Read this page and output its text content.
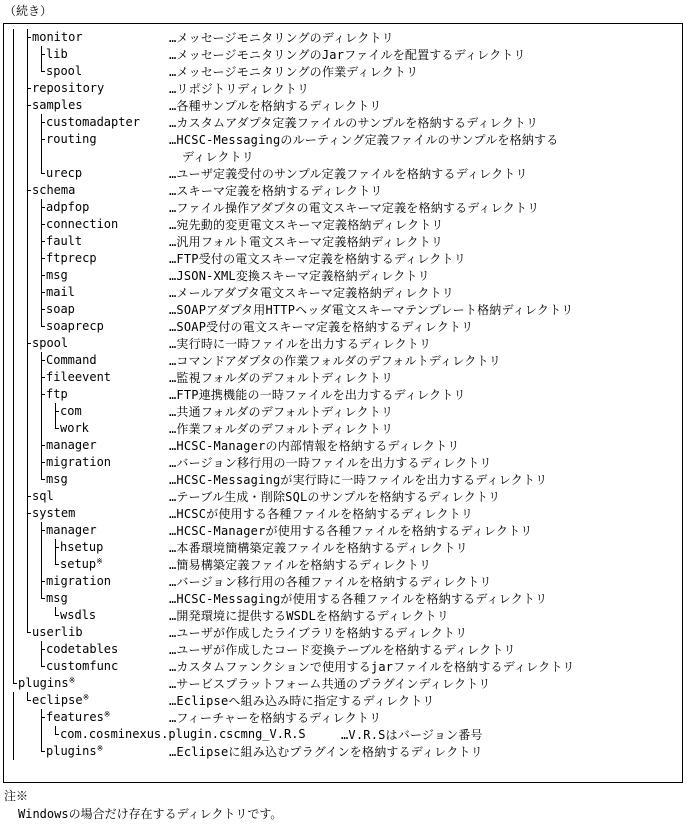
（続き）
monitor	…メッセージモニタリングのディレクトリ
lib	…メッセージモニタリングのJarファイルを配置するディレクトリ
spool	…メッセージモニタリングの作業ディレクトリ
repository	…リポジトリディレクトリ
samples	…各種サンプルを格納するディレクトリ
customadapter …カスタムアダプタ定義ファイルのサンプルを格納するディレクトリ
routing	…HCSC-Messagingのルーティング定義ファイルのサンプルを格納する
ディレクトリ
urecp	…ユーザ定義受付のサンプル定義ファイルを格納するディレクトリ
schema	…スキーマ定義を格納するディレクトリ
adpfop	…ファイル操作アダプタの電文スキーマ定義を格納するディレクトリ
connection	…宛先動的変更電文スキーマ定義格納ディレクトリ
fault	…汎用フォルト電文スキーマ定義格納ディレクトリ
ftprecp	…FTP受付の電文スキーマ定義を格納するディレクトリ
msg	…JSON-XML変換スキーマ定義格納ディレクトリ
mail	…メールアダプタ電文スキーマ定義格納ディレクトリ
soap	…SOAPアダプタ用HTTPヘッダ電文スキーマテンプレート格納ディレクトリ
soaprecp	…SOAP受付の電文スキーマ定義を格納するディレクトリ
spool	…実行時に一時ファイルを出力するディレクトリ
Command	…コマンドアダプタの作業フォルダのデフォルトディレクトリ
fileevent	…監視フォルダのデフォルトディレクトリ
ftp	…FTP連携機能の一時ファイルを出力するディレクトリ
com	…共通フォルダのデフォルトディレクトリ
work	…作業フォルダのデフォルトディレクトリ
manager	…HCSC-Managerの内部情報を格納するディレクトリ
migration	…バージョン移行用の一時ファイルを出力するディレクトリ
msg	…HCSC-Messagingが実行時に一時ファイルを出力するディレクトリ
sql	…テーブル生成・削除SQLのサンプルを格納するディレクトリ
system	…HCSCが使用する各種ファイルを格納するディレクトリ
manager	…HCSC-Managerが使用する各種ファイルを格納するディレクトリ
hsetup	…本番環境簡構築定義ファイルを格納するディレクトリ
setup※	…簡易構築定義ファイルを格納するディレクトリ
migration	…バージョン移行用の各種ファイルを格納するディレクトリ
msg	…HCSC-Messagingが使用する各種ファイルを格納するディレクトリ
wsdls	…開発環境に提供するWSDLを格納するディレクトリ
userlib	…ユーザが作成したライブラリを格納するディレクトリ
codetables	…ユーザが作成したコード変換テーブルを格納するディレクトリ
customfunc	…カスタムファンクションで使用するjarファイルを格納するディレクトリ
plugins※	…サービスプラットフォーム共通のプラグインディレクトリ
eclipse※	…Eclipseへ組み込み時に指定するディレクトリ
features※	…フィーチャーを格納するディレクトリ
com.cosminexus.plugin.cscmng_V.R.S	…V.R.Sはバージョン番号
plugins※	…Eclipseに組み込むプラグインを格納するディレクトリ
注※
Windowsの場合だけ存在するディレクトリです。
